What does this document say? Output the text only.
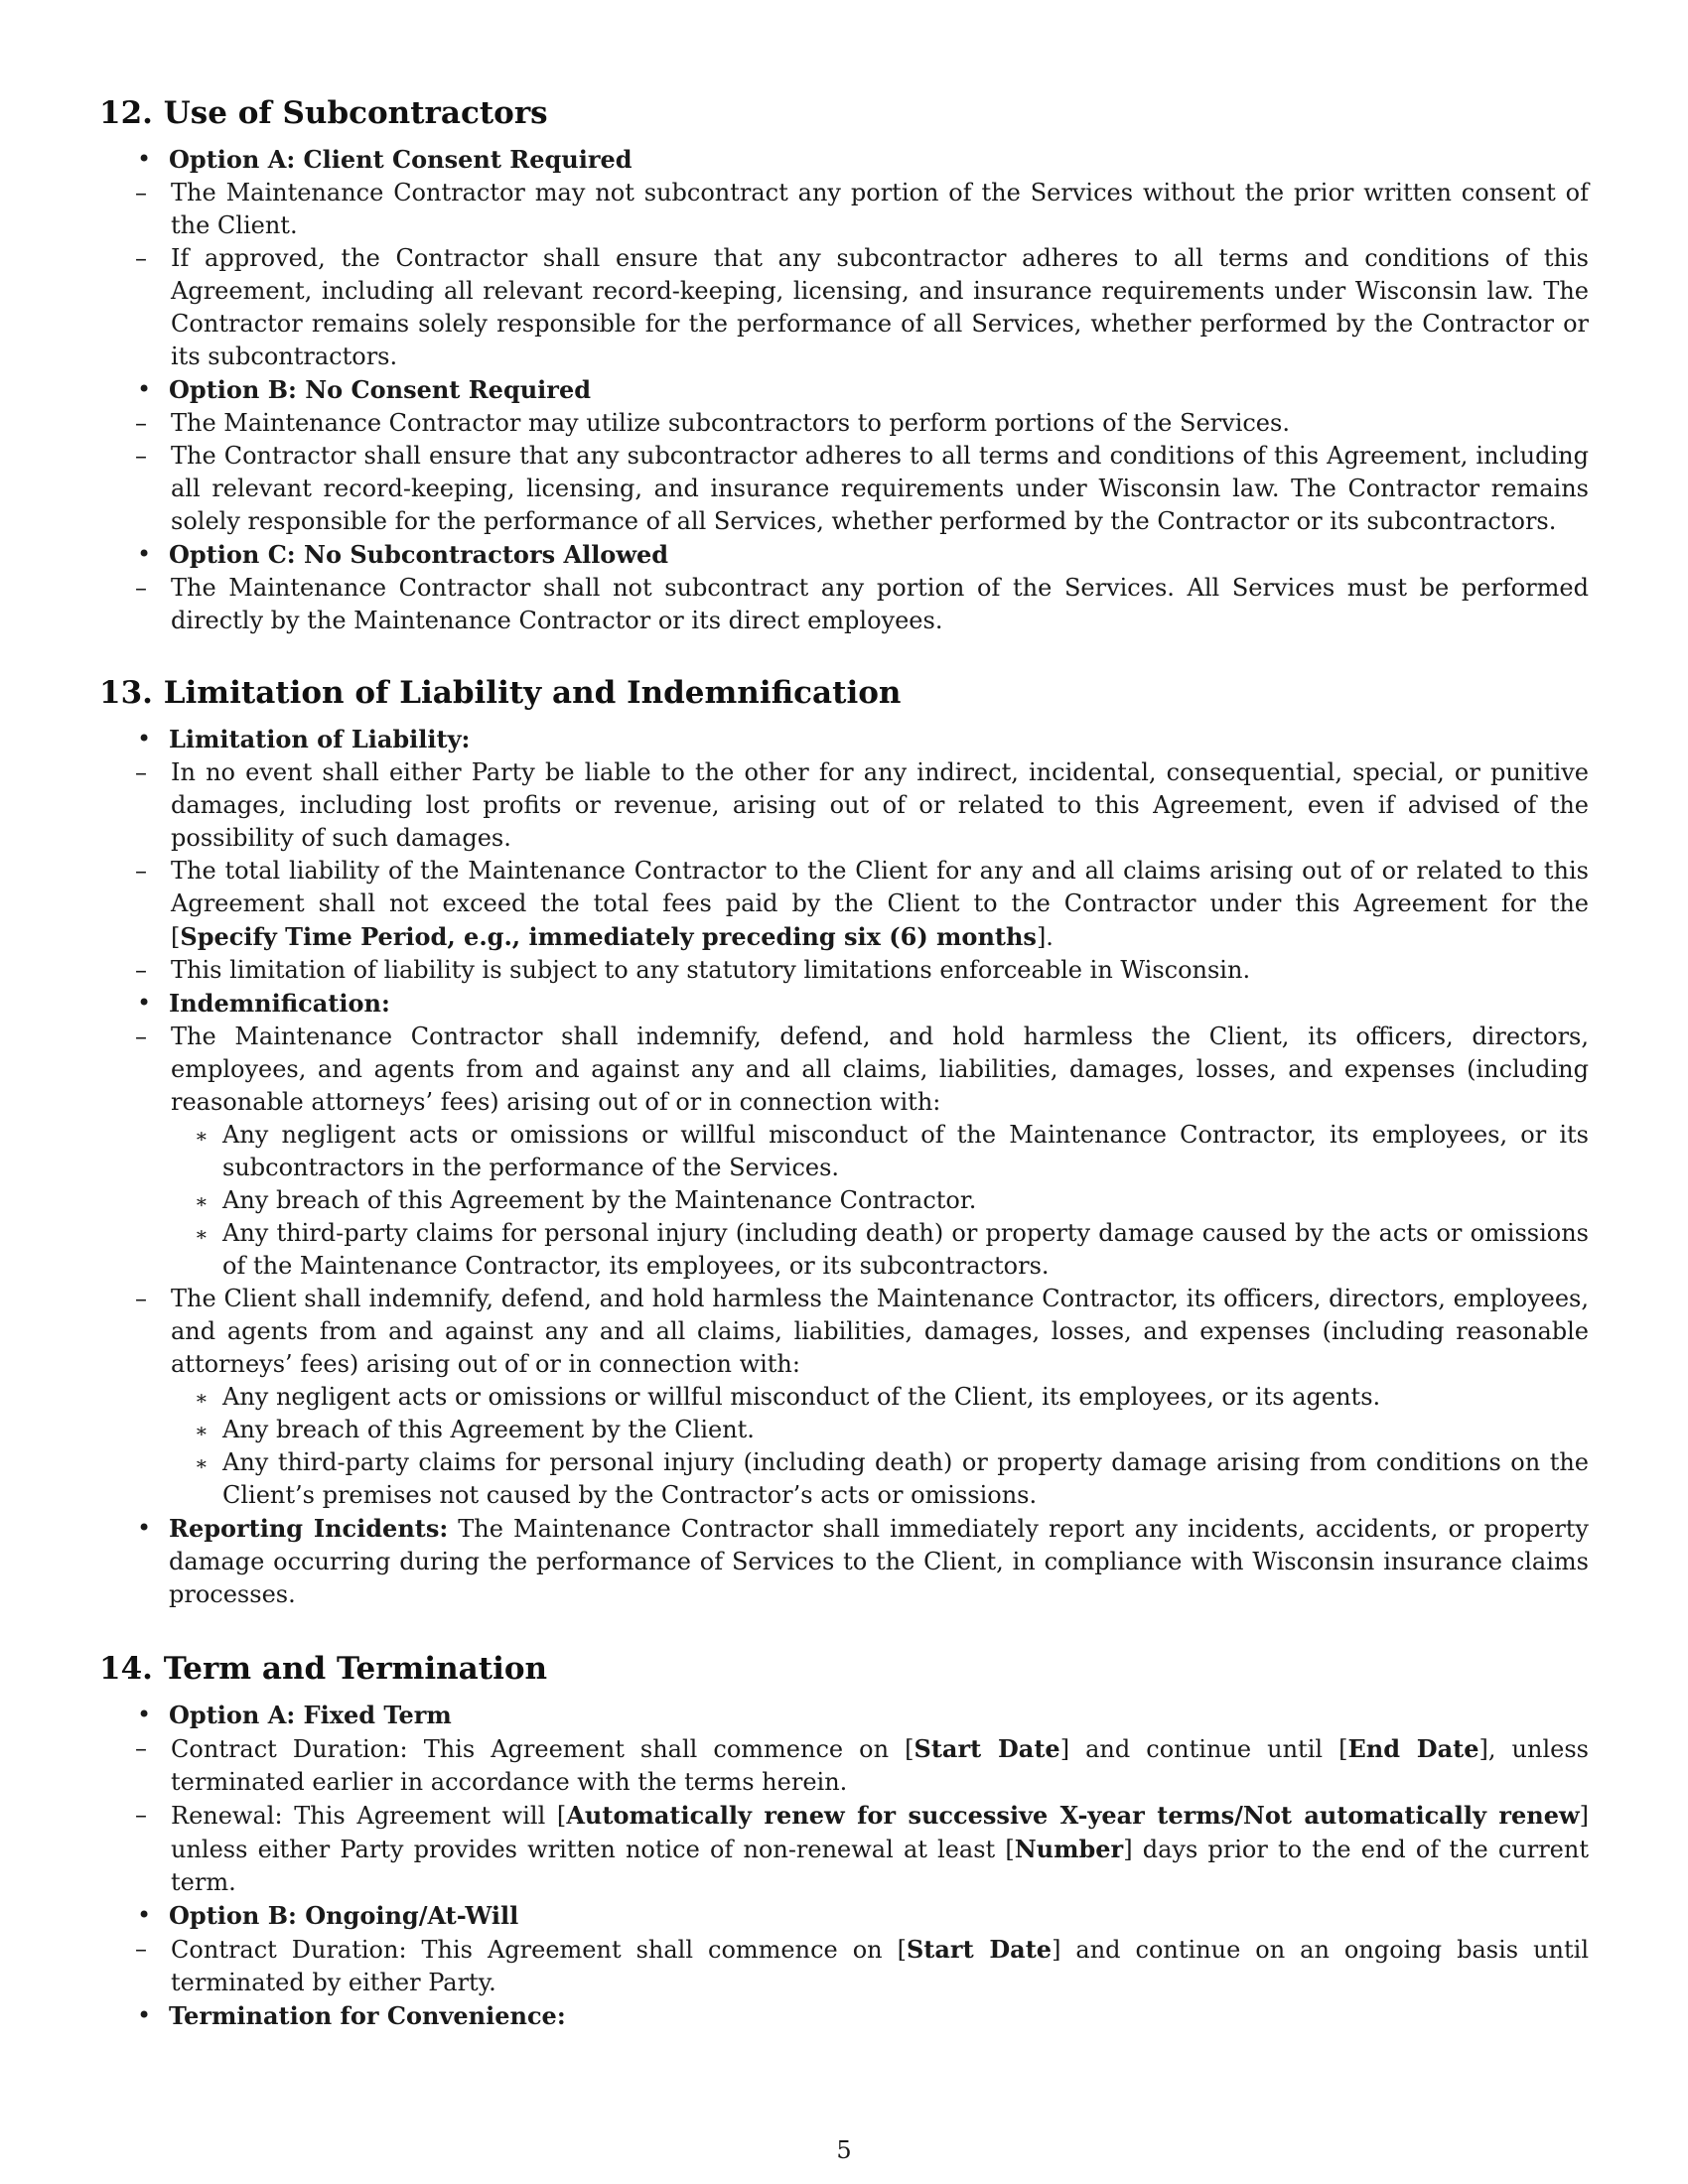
12. Use of Subcontractors
• Option A: Client Consent Required
– The Maintenance Contractor may not subcontract any portion of the Services without the prior written consent of the Client.
– If approved, the Contractor shall ensure that any subcontractor adheres to all terms and conditions of this Agreement, including all relevant record-keeping, licensing, and insurance requirements under Wisconsin law. The Contractor remains solely responsible for the performance of all Services, whether performed by the Contractor or its subcontractors.
• Option B: No Consent Required
– The Maintenance Contractor may utilize subcontractors to perform portions of the Services.
– The Contractor shall ensure that any subcontractor adheres to all terms and conditions of this Agreement, including all relevant record-keeping, licensing, and insurance requirements under Wisconsin law. The Contractor remains solely responsible for the performance of all Services, whether performed by the Contractor or its subcontractors.
• Option C: No Subcontractors Allowed
– The Maintenance Contractor shall not subcontract any portion of the Services. All Services must be performed directly by the Maintenance Contractor or its direct employees.
13. Limitation of Liability and Indemnification
• Limitation of Liability:
– In no event shall either Party be liable to the other for any indirect, incidental, consequential, special, or punitive damages, including lost profits or revenue, arising out of or related to this Agreement, even if advised of the possibility of such damages.
– The total liability of the Maintenance Contractor to the Client for any and all claims arising out of or related to this Agreement shall not exceed the total fees paid by the Client to the Contractor under this Agreement for the [Specify Time Period, e.g., immediately preceding six (6) months].
– This limitation of liability is subject to any statutory limitations enforceable in Wisconsin.
• Indemnification:
– The Maintenance Contractor shall indemnify, defend, and hold harmless the Client, its officers, directors, employees, and agents from and against any and all claims, liabilities, damages, losses, and expenses (including reasonable attorneys’ fees) arising out of or in connection with:
∗ Any negligent acts or omissions or willful misconduct of the Maintenance Contractor, its employees, or its subcontractors in the performance of the Services.
∗ Any breach of this Agreement by the Maintenance Contractor.
∗ Any third-party claims for personal injury (including death) or property damage caused by the acts or omissions of the Maintenance Contractor, its employees, or its subcontractors.
– The Client shall indemnify, defend, and hold harmless the Maintenance Contractor, its officers, directors, employees, and agents from and against any and all claims, liabilities, damages, losses, and expenses (including reasonable attorneys’ fees) arising out of or in connection with:
∗ Any negligent acts or omissions or willful misconduct of the Client, its employees, or its agents.
∗ Any breach of this Agreement by the Client.
∗ Any third-party claims for personal injury (including death) or property damage arising from conditions on the Client’s premises not caused by the Contractor’s acts or omissions.
• Reporting Incidents: The Maintenance Contractor shall immediately report any incidents, accidents, or property damage occurring during the performance of Services to the Client, in compliance with Wisconsin insurance claims processes.
14. Term and Termination
• Option A: Fixed Term
– Contract Duration: This Agreement shall commence on [Start Date] and continue until [End Date], unless terminated earlier in accordance with the terms herein.
– Renewal: This Agreement will [Automatically renew for successive X-year terms/Not automatically renew] unless either Party provides written notice of non-renewal at least [Number] days prior to the end of the current term.
• Option B: Ongoing/At-Will
– Contract Duration: This Agreement shall commence on [Start Date] and continue on an ongoing basis until terminated by either Party.
• Termination for Convenience:
5
